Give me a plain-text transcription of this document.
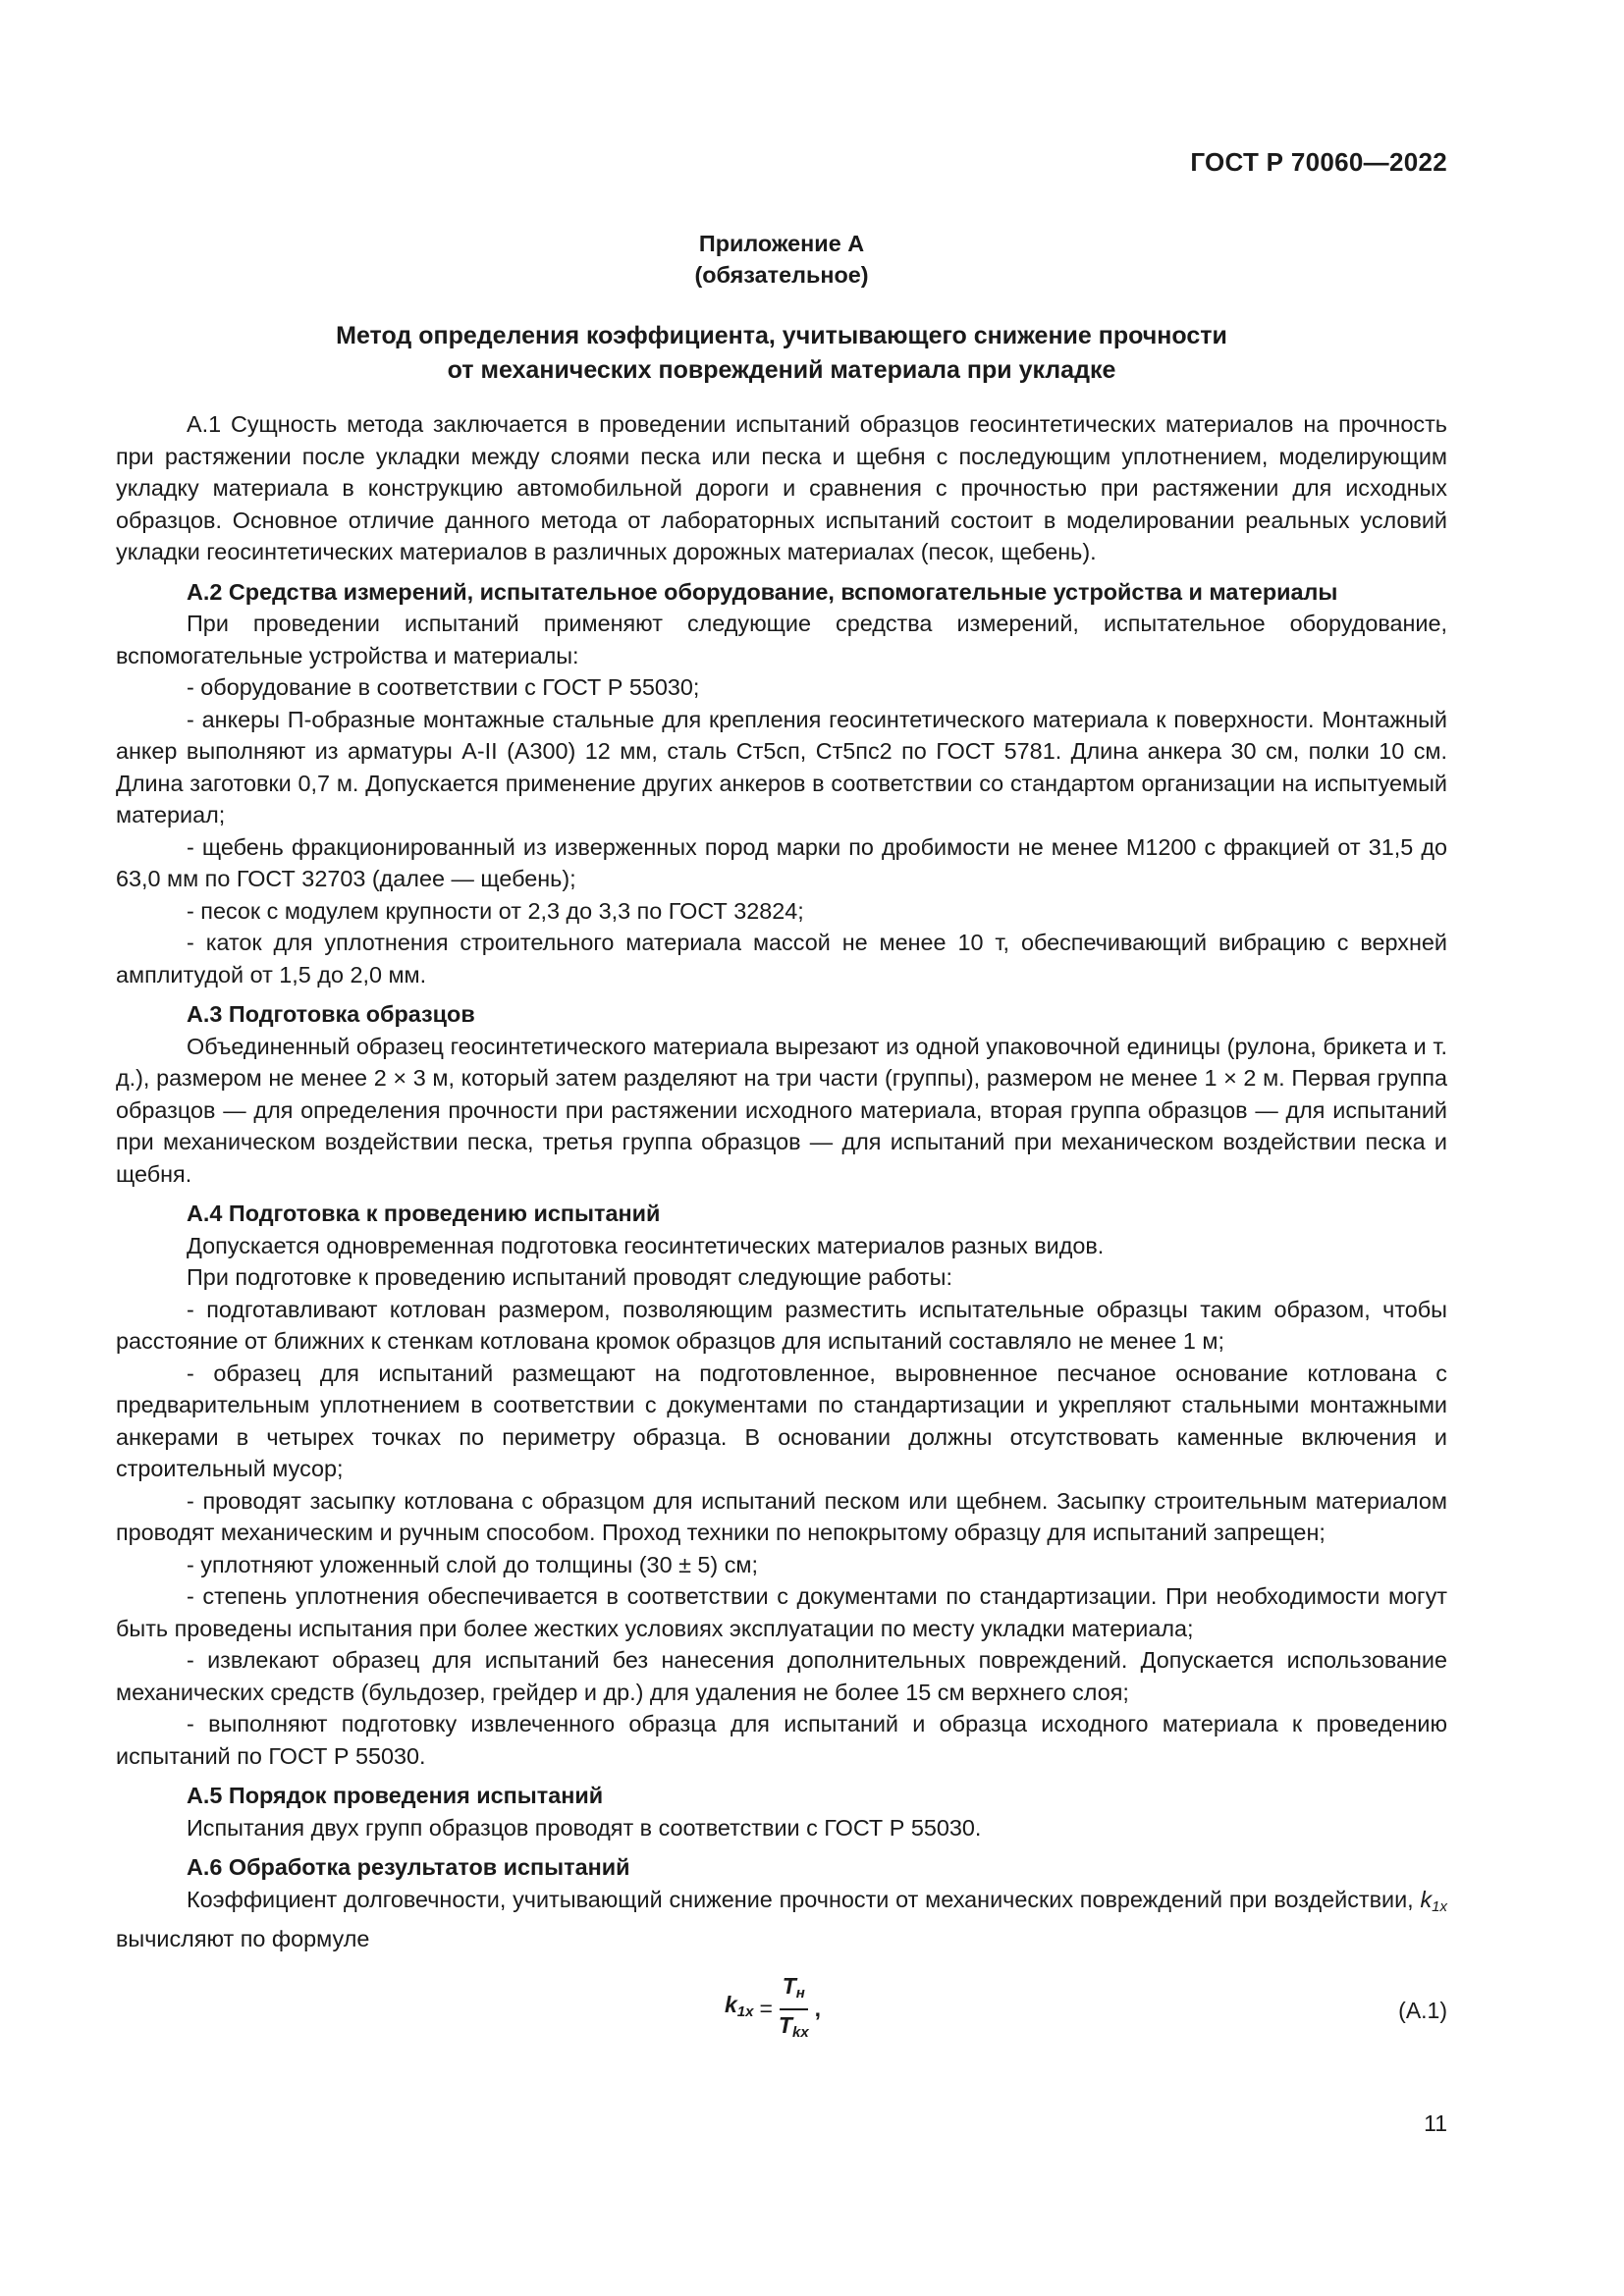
ГОСТ Р 70060—2022
Приложение А
(обязательное)
Метод определения коэффициента, учитывающего снижение прочности
от механических повреждений материала при укладке

А.1 Сущность метода заключается в проведении испытаний образцов геосинтетических материалов на прочность при растяжении после укладки между слоями песка или песка и щебня с последующим уплотнением, моделирующим укладку материала в конструкцию автомобильной дороги и сравнения с прочностью при растяжении для исходных образцов. Основное отличие данного метода от лабораторных испытаний состоит в моделировании реальных условий укладки геосинтетических материалов в различных дорожных материалах (песок, щебень).

А.2 Средства измерений, испытательное оборудование, вспомогательные устройства и материалы

При проведении испытаний применяют следующие средства измерений, испытательное оборудование, вспомогательные устройства и материалы:

- оборудование в соответствии с ГОСТ Р 55030;

- анкеры П-образные монтажные стальные для крепления геосинтетического материала к поверхности. Монтажный анкер выполняют из арматуры А-II (А300) 12 мм, сталь Ст5сп, Ст5пс2 по ГОСТ 5781. Длина анкера 30 см, полки 10 см. Длина заготовки 0,7 м. Допускается применение других анкеров в соответствии со стандартом организации на испытуемый материал;

- щебень фракционированный из изверженных пород марки по дробимости не менее М1200 с фракцией от 31,5 до 63,0 мм по ГОСТ 32703 (далее — щебень);

- песок с модулем крупности от 2,3 до 3,3 по ГОСТ 32824;

- каток для уплотнения строительного материала массой не менее 10 т, обеспечивающий вибрацию с верхней амплитудой от 1,5 до 2,0 мм.

А.3 Подготовка образцов

Объединенный образец геосинтетического материала вырезают из одной упаковочной единицы (рулона, брикета и т. д.), размером не менее 2 × 3 м, который затем разделяют на три части (группы), размером не менее 1 × 2 м. Первая группа образцов — для определения прочности при растяжении исходного материала, вторая группа образцов — для испытаний при механическом воздействии песка, третья группа образцов — для испытаний при механическом воздействии песка и щебня.

А.4 Подготовка к проведению испытаний

Допускается одновременная подготовка геосинтетических материалов разных видов.

При подготовке к проведению испытаний проводят следующие работы:

- подготавливают котлован размером, позволяющим разместить испытательные образцы таким образом, чтобы расстояние от ближних к стенкам котлована кромок образцов для испытаний составляло не менее 1 м;

- образец для испытаний размещают на подготовленное, выровненное песчаное основание котлована с предварительным уплотнением в соответствии с документами по стандартизации и укрепляют стальными монтажными анкерами в четырех точках по периметру образца. В основании должны отсутствовать каменные включения и строительный мусор;

- проводят засыпку котлована с образцом для испытаний песком или щебнем. Засыпку строительным материалом проводят механическим и ручным способом. Проход техники по непокрытому образцу для испытаний запрещен;

- уплотняют уложенный слой до толщины (30 ± 5) см;

- степень уплотнения обеспечивается в соответствии с документами по стандартизации. При необходимости могут быть проведены испытания при более жестких условиях эксплуатации по месту укладки материала;

- извлекают образец для испытаний без нанесения дополнительных повреждений. Допускается использование механических средств (бульдозер, грейдер и др.) для удаления не более 15 см верхнего слоя;

- выполняют подготовку извлеченного образца для испытаний и образца исходного материала к проведению испытаний по ГОСТ Р 55030.

А.5 Порядок проведения испытаний

Испытания двух групп образцов проводят в соответствии с ГОСТ Р 55030.

А.6 Обработка результатов испытаний

Коэффициент долговечности, учитывающий снижение прочности от механических повреждений при воздействии, $k_{1x}$ вычисляют по формуле

$k_{1x} = \frac{T_н}{T_{kx}}$ ,	(А.1)
11
